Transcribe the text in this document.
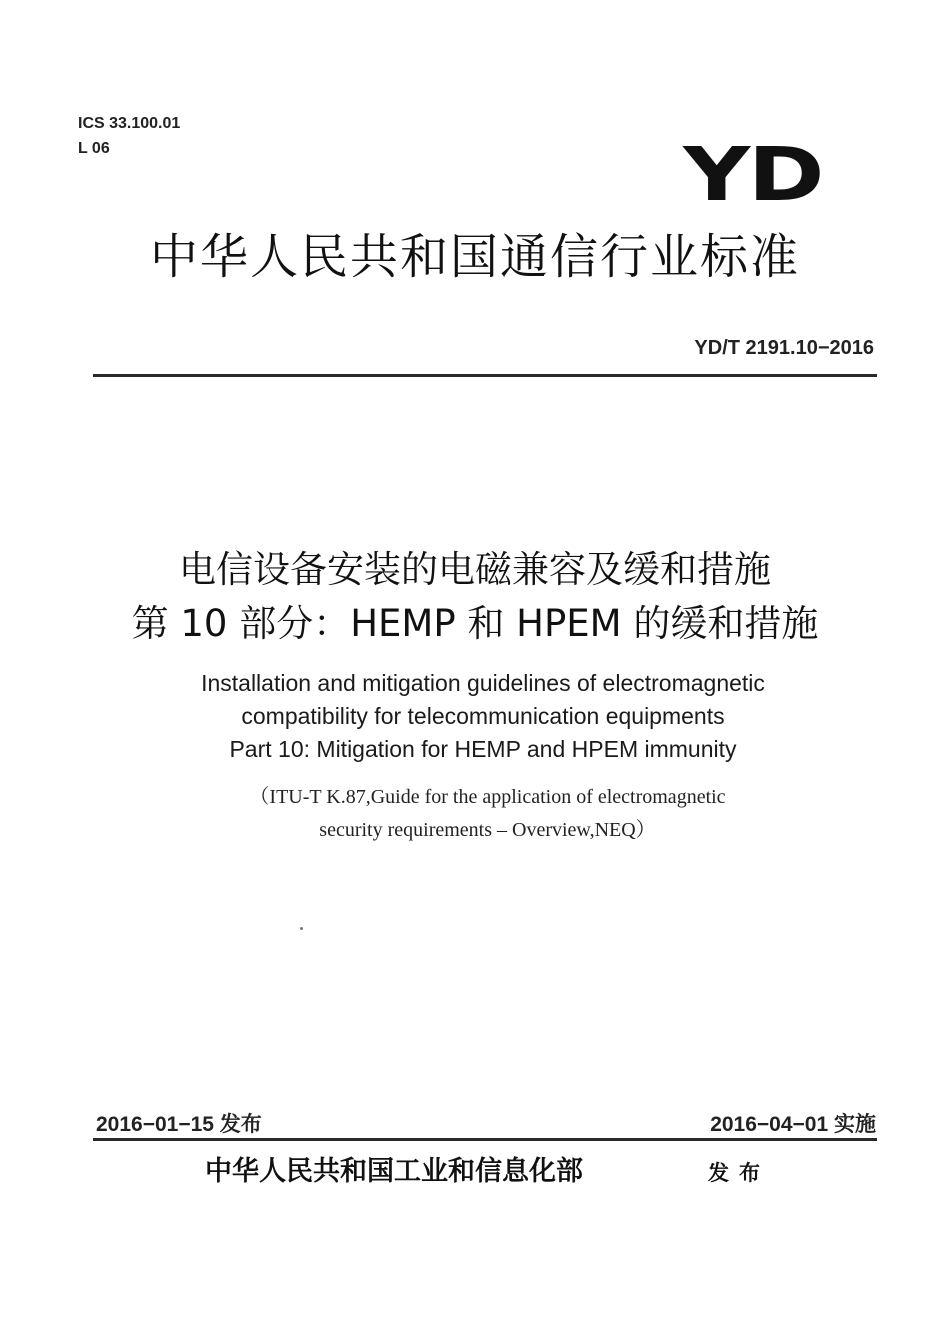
ICS 33.100.01
L 06	YD
中华人民共和国通信行业标准
YD/T 2191.10−2016
电信设备安装的电磁兼容及缓和措施
第 10 部分：HEMP 和 HPEM 的缓和措施
Installation and mitigation guidelines of electromagnetic
compatibility for telecommunication equipments
Part 10: Mitigation for HEMP and HPEM immunity
（ITU-T K.87,Guide for the application of electromagnetic
security requirements – Overview,NEQ）
2016−01−15 发布	2016−04−01 实施
中华人民共和国工业和信息化部	发布
